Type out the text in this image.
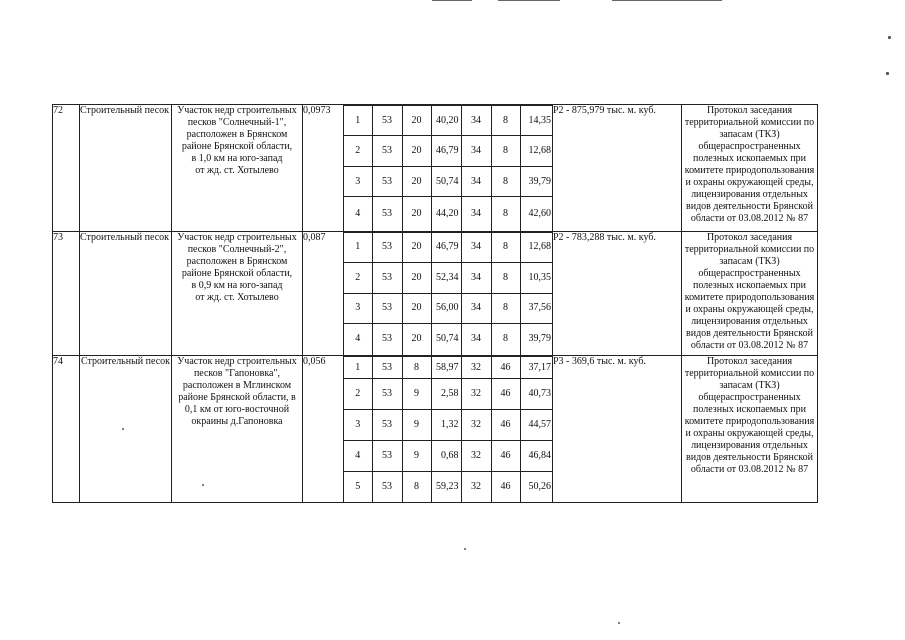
72	Строительный песок	Участок недр строительных
песков "Солнечный-1",
расположен в Брянском
районе Брянской области,
в 1,0 км на юго-запад
от жд. ст. Хотылево
	0,0973	
1	53	20	40,20	34	8	14,35
2	53	20	46,79	34	8	12,68
3	53	20	50,74	34	8	39,79
4	53	20	44,20	34	8	42,60
	Р2 - 875,979 тыс. м. куб.	Протокол заседания
территориальной комиссии по
запасам (ТКЗ)
общераспространенных
полезных ископаемых при
комитете природопользования
и охраны окружающей среды,
лицензирования отдельных
видов деятельности Брянской
области от 03.08.2012 № 87

73	Строительный песок	Участок недр строительных
песков "Солнечный-2",
расположен в Брянском
районе Брянской области,
в 0,9 км на юго-запад
от жд. ст. Хотылево
	0,087	
1	53	20	46,79	34	8	12,68
2	53	20	52,34	34	8	10,35
3	53	20	56,00	34	8	37,56
4	53	20	50,74	34	8	39,79
	Р2 - 783,288 тыс. м. куб.	Протокол заседания
территориальной комиссии по
запасам (ТКЗ)
общераспространенных
полезных ископаемых при
комитете природопользования
и охраны окружающей среды,
лицензирования отдельных
видов деятельности Брянской
области от 03.08.2012 № 87

74	Строительный песок	Участок недр строительных
песков "Гапоновка",
расположен в Мглинском
районе Брянской области, в
0,1 км от юго-восточной
окраины д.Гапоновка
	0,056		1	53	8	58,97	32	46	37,17
2	53	9	2,58	32	46	40,73
3	53	9	1,32	32	46	44,57
4	53	9	0,68	32	46	46,84
5	53	8	59,23	32	46	50,26
	Р3 - 369,6 тыс. м. куб.	Протокол заседания
территориальной комиссии по
запасам (ТКЗ)
общераспространенных
полезных ископаемых при
комитете природопользования
и охраны окружающей среды,
лицензирования отдельных
видов деятельности Брянской
области от 03.08.2012 № 87
